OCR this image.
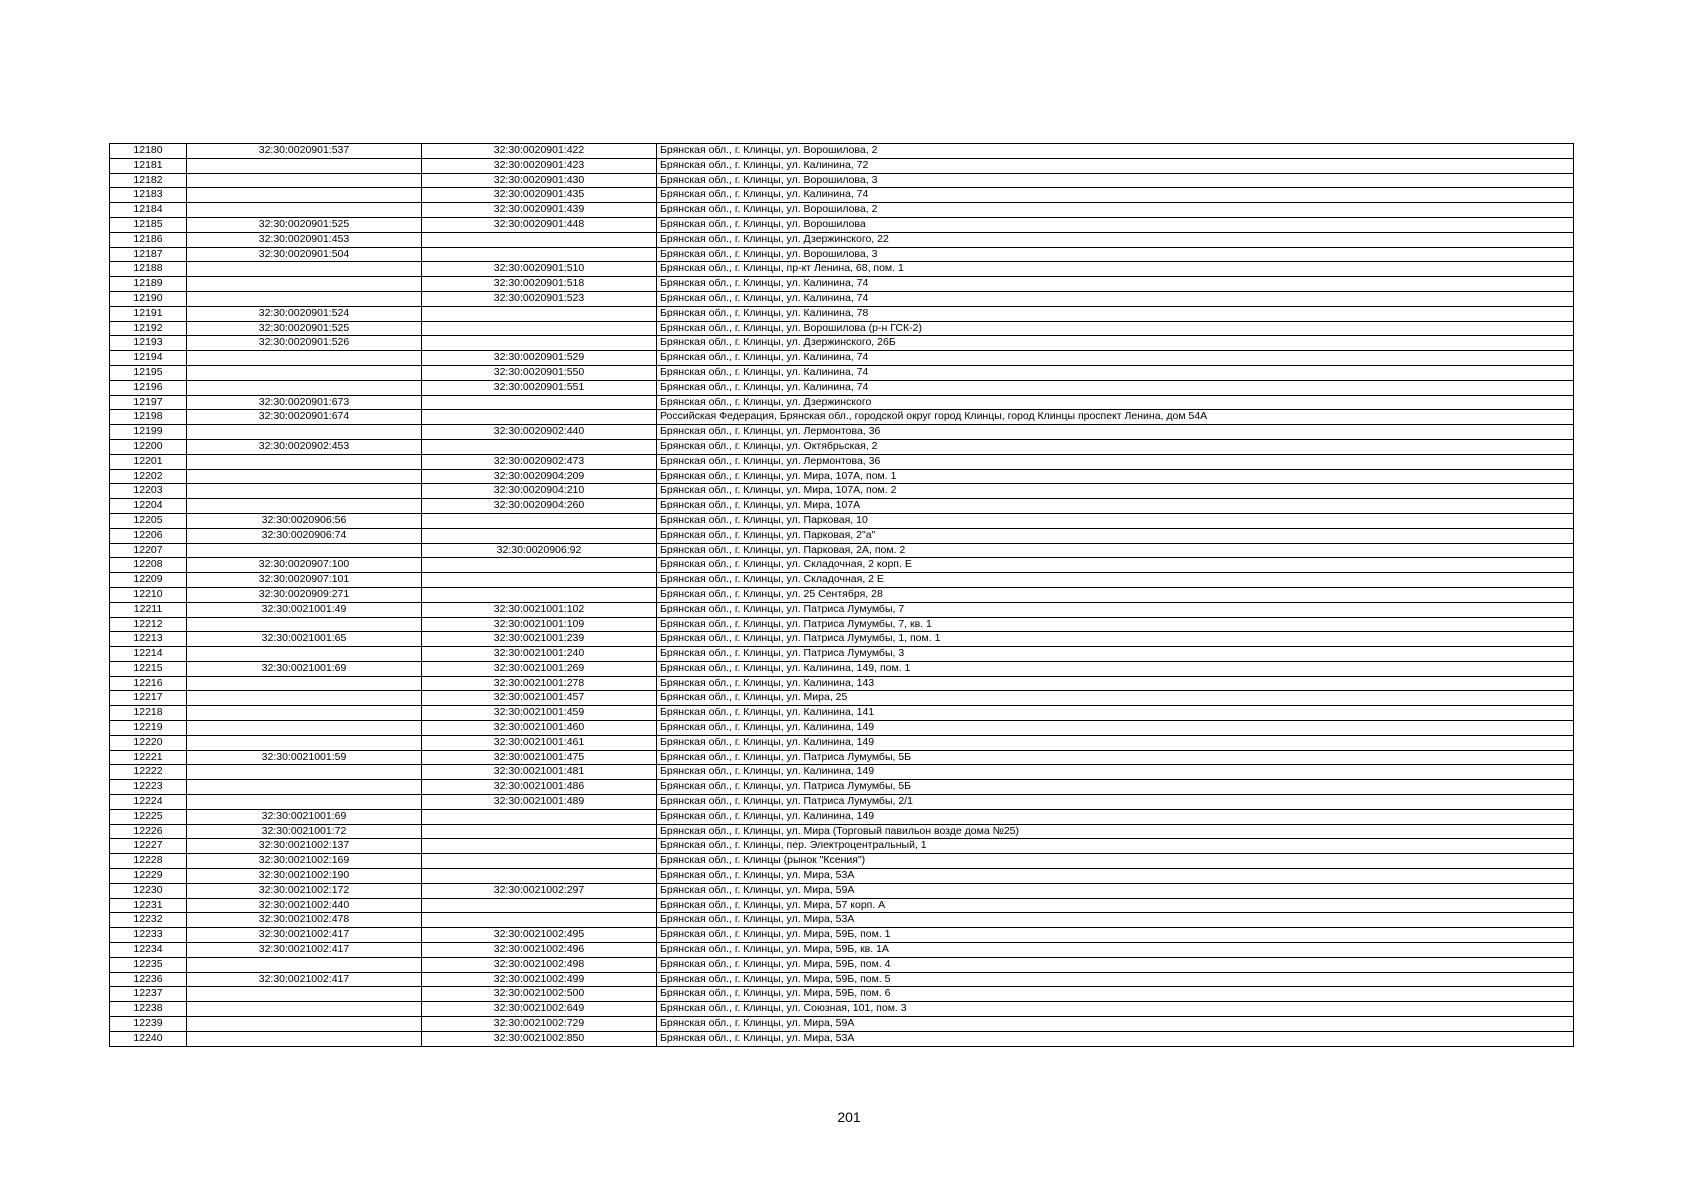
12180	32:30:0020901:537	32:30:0020901:422	Брянская обл., г. Клинцы, ул. Ворошилова, 2
12181		32:30:0020901:423	Брянская обл., г. Клинцы, ул. Калинина, 72
12182		32:30:0020901:430	Брянская обл., г. Клинцы, ул. Ворошилова, 3
12183		32:30:0020901:435	Брянская обл., г. Клинцы, ул. Калинина, 74
12184		32:30:0020901:439	Брянская обл., г. Клинцы, ул. Ворошилова, 2
12185	32:30:0020901:525	32:30:0020901:448	Брянская обл., г. Клинцы, ул. Ворошилова
12186	32:30:0020901:453		Брянская обл., г. Клинцы, ул. Дзержинского, 22
12187	32:30:0020901:504		Брянская обл., г. Клинцы, ул. Ворошилова, 3
12188		32:30:0020901:510	Брянская обл., г. Клинцы, пр-кт Ленина, 68, пом. 1
12189		32:30:0020901:518	Брянская обл., г. Клинцы, ул. Калинина, 74
12190		32:30:0020901:523	Брянская обл., г. Клинцы, ул. Калинина, 74
12191	32:30:0020901:524		Брянская обл., г. Клинцы, ул. Калинина, 78
12192	32:30:0020901:525		Брянская обл., г. Клинцы, ул. Ворошилова (р-н ГСК-2)
12193	32:30:0020901:526		Брянская обл., г. Клинцы, ул. Дзержинского, 26Б
12194		32:30:0020901:529	Брянская обл., г. Клинцы, ул. Калинина, 74
12195		32:30:0020901:550	Брянская обл., г. Клинцы, ул. Калинина, 74
12196		32:30:0020901:551	Брянская обл., г. Клинцы, ул. Калинина, 74
12197	32:30:0020901:673		Брянская обл., г. Клинцы, ул. Дзержинского
12198	32:30:0020901:674		Российская Федерация, Брянская обл., городской округ город Клинцы, город Клинцы проспект Ленина, дом 54А
12199		32:30:0020902:440	Брянская обл., г. Клинцы, ул. Лермонтова, 36
12200	32:30:0020902:453		Брянская обл., г. Клинцы, ул. Октябрьская, 2
12201		32:30:0020902:473	Брянская обл., г. Клинцы, ул. Лермонтова, 36
12202		32:30:0020904:209	Брянская обл., г. Клинцы, ул. Мира, 107А, пом. 1
12203		32:30:0020904:210	Брянская обл., г. Клинцы, ул. Мира, 107А, пом. 2
12204		32:30:0020904:260	Брянская обл., г. Клинцы, ул. Мира, 107А
12205	32:30:0020906:56		Брянская обл., г. Клинцы, ул. Парковая, 10
12206	32:30:0020906:74		Брянская обл., г. Клинцы, ул. Парковая, 2"а"
12207		32:30:0020906:92	Брянская обл., г. Клинцы, ул. Парковая, 2А, пом. 2
12208	32:30:0020907:100		Брянская обл., г. Клинцы, ул. Складочная, 2 корп. Е
12209	32:30:0020907:101		Брянская обл., г. Клинцы, ул. Складочная, 2 Е
12210	32:30:0020909:271		Брянская обл., г. Клинцы, ул. 25 Сентября, 28
12211	32:30:0021001:49	32:30:0021001:102	Брянская обл., г. Клинцы, ул. Патриса Лумумбы, 7
12212		32:30:0021001:109	Брянская обл., г. Клинцы, ул. Патриса Лумумбы, 7, кв. 1
12213	32:30:0021001:65	32:30:0021001:239	Брянская обл., г. Клинцы, ул. Патриса Лумумбы, 1, пом. 1
12214		32:30:0021001:240	Брянская обл., г. Клинцы, ул. Патриса Лумумбы, 3
12215	32:30:0021001:69	32:30:0021001:269	Брянская обл., г. Клинцы, ул. Калинина, 149, пом. 1
12216		32:30:0021001:278	Брянская обл., г. Клинцы, ул. Калинина, 143
12217		32:30:0021001:457	Брянская обл., г. Клинцы, ул. Мира, 25
12218		32:30:0021001:459	Брянская обл., г. Клинцы, ул. Калинина, 141
12219		32:30:0021001:460	Брянская обл., г. Клинцы, ул. Калинина, 149
12220		32:30:0021001:461	Брянская обл., г. Клинцы, ул. Калинина, 149
12221	32:30:0021001:59	32:30:0021001:475	Брянская обл., г. Клинцы, ул. Патриса Лумумбы, 5Б
12222		32:30:0021001:481	Брянская обл., г. Клинцы, ул. Калинина, 149
12223		32:30:0021001:486	Брянская обл., г. Клинцы, ул. Патриса Лумумбы, 5Б
12224		32:30:0021001:489	Брянская обл., г. Клинцы, ул. Патриса Лумумбы, 2/1
12225	32:30:0021001:69		Брянская обл., г. Клинцы, ул. Калинина, 149
12226	32:30:0021001:72		Брянская обл., г. Клинцы, ул. Мира (Торговый павильон возде дома №25)
12227	32:30:0021002:137		Брянская обл., г. Клинцы, пер. Электроцентральный, 1
12228	32:30:0021002:169		Брянская обл., г. Клинцы (рынок "Ксения")
12229	32:30:0021002:190		Брянская обл., г. Клинцы, ул. Мира, 53А
12230	32:30:0021002:172	32:30:0021002:297	Брянская обл., г. Клинцы, ул. Мира, 59А
12231	32:30:0021002:440		Брянская обл., г. Клинцы, ул. Мира, 57 корп. А
12232	32:30:0021002:478		Брянская обл., г. Клинцы, ул. Мира, 53А
12233	32:30:0021002:417	32:30:0021002:495	Брянская обл., г. Клинцы, ул. Мира, 59Б, пом. 1
12234	32:30:0021002:417	32:30:0021002:496	Брянская обл., г. Клинцы, ул. Мира, 59Б, кв. 1А
12235		32:30:0021002:498	Брянская обл., г. Клинцы, ул. Мира, 59Б, пом. 4
12236	32:30:0021002:417	32:30:0021002:499	Брянская обл., г. Клинцы, ул. Мира, 59Б, пом. 5
12237		32:30:0021002:500	Брянская обл., г. Клинцы, ул. Мира, 59Б, пом. 6
12238		32:30:0021002:649	Брянская обл., г. Клинцы, ул. Союзная, 101, пом. 3
12239		32:30:0021002:729	Брянская обл., г. Клинцы, ул. Мира, 59А
12240		32:30:0021002:850	Брянская обл., г. Клинцы, ул. Мира, 53А
201
